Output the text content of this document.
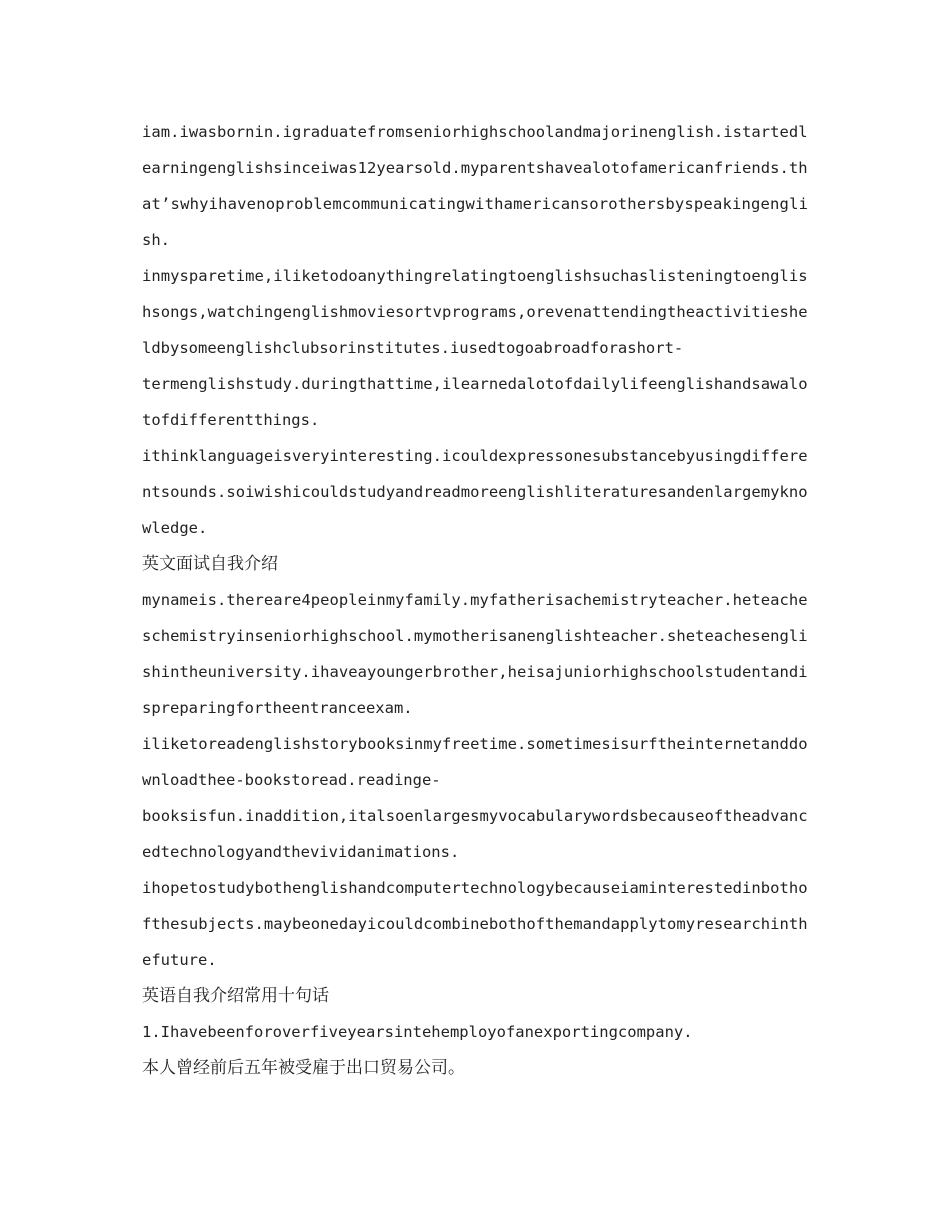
i a m . i w a s b o r n i n . i g r a d u a t e f r o m s e n i o r h i g h s c h o o l a n d m a j o r i n e n g l i s h . i s t a r t e d l
e a r n i n g e n g l i s h s i n c e i w a s 1 2 y e a r s o l d . m y p a r e n t s h a v e a l o t o f a m e r i c a n f r i e n d s . t h
a t ’ s w h y i h a v e n o p r o b l e m c o m m u n i c a t i n g w i t h a m e r i c a n s o r o t h e r s b y s p e a k i n g e n g l i
sh.
i n m y s p a r e t i m e , i l i k e t o d o a n y t h i n g r e l a t i n g t o e n g l i s h s u c h a s l i s t e n i n g t o e n g l i s
h s o n g s , w a t c h i n g e n g l i s h m o v i e s o r t v p r o g r a m s , o r e v e n a t t e n d i n g t h e a c t i v i t i e s h e
ldbysomeenglishclubsorinstitutes.iusedtogoabroadforashort-
t e r m e n g l i s h s t u d y . d u r i n g t h a t t i m e , i l e a r n e d a l o t o f d a i l y l i f e e n g l i s h a n d s a w a l o
tofdifferentthings.
i t h i n k l a n g u a g e i s v e r y i n t e r e s t i n g . i c o u l d e x p r e s s o n e s u b s t a n c e b y u s i n g d i f f e r e
n t s o u n d s . s o i w i s h i c o u l d s t u d y a n d r e a d m o r e e n g l i s h l i t e r a t u r e s a n d e n l a r g e m y k n o
wledge.
英文面试自我介绍
m y n a m e i s . t h e r e a r e 4 p e o p l e i n m y f a m i l y . m y f a t h e r i s a c h e m i s t r y t e a c h e r . h e t e a c h e
s c h e m i s t r y i n s e n i o r h i g h s c h o o l . m y m o t h e r i s a n e n g l i s h t e a c h e r . s h e t e a c h e s e n g l i
s h i n t h e u n i v e r s i t y . i h a v e a y o u n g e r b r o t h e r , h e i s a j u n i o r h i g h s c h o o l s t u d e n t a n d i
spreparingfortheentranceexam.
i l i k e t o r e a d e n g l i s h s t o r y b o o k s i n m y f r e e t i m e . s o m e t i m e s i s u r f t h e i n t e r n e t a n d d o
wnloadthee-bookstoread.readinge-
b o o k s i s f u n . i n a d d i t i o n , i t a l s o e n l a r g e s m y v o c a b u l a r y w o r d s b e c a u s e o f t h e a d v a n c
edtechnologyandthevividanimations.
i h o p e t o s t u d y b o t h e n g l i s h a n d c o m p u t e r t e c h n o l o g y b e c a u s e i a m i n t e r e s t e d i n b o t h o
f t h e s u b j e c t s . m a y b e o n e d a y i c o u l d c o m b i n e b o t h o f t h e m a n d a p p l y t o m y r e s e a r c h i n t h
efuture.
英语自我介绍常用十句话
1.Ihavebeenforoverfiveyearsintehemployofanexportingcompany.
本人曾经前后五年被受雇于出口贸易公司。
